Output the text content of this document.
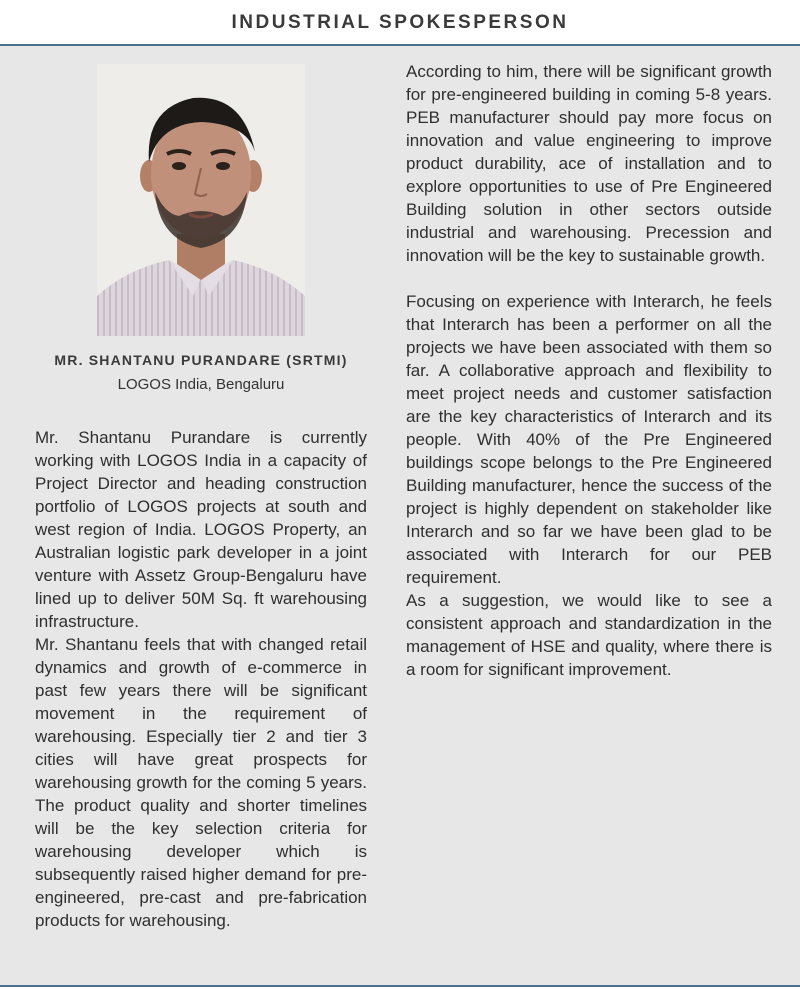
INDUSTRIAL SPOKESPERSON
MR. SHANTANU PURANDARE (SRTMI)
LOGOS India, Bengaluru

Mr. Shantanu Purandare is currently working with LOGOS India in a capacity of Project Director and heading construction portfolio of LOGOS projects at south and west region of India. LOGOS Property, an Australian logistic park developer in a joint venture with Assetz Group-Bengaluru have lined up to deliver 50M Sq. ft warehousing infrastructure.

Mr. Shantanu feels that with changed retail dynamics and growth of e-commerce in past few years there will be significant movement in the requirement of warehousing. Especially tier 2 and tier 3 cities will have great prospects for warehousing growth for the coming 5 years. The product quality and shorter timelines will be the key selection criteria for warehousing developer which is subsequently raised higher demand for pre-engineered, pre-cast and pre-fabrication products for warehousing.

According to him, there will be significant growth for pre-engineered building in coming 5-8 years. PEB manufacturer should pay more focus on innovation and value engineering to improve product durability, ace of installation and to explore opportunities to use of Pre Engineered Building solution in other sectors outside industrial and warehousing. Precession and innovation will be the key to sustainable growth.

Focusing on experience with Interarch, he feels that Interarch has been a performer on all the projects we have been associated with them so far. A collaborative approach and flexibility to meet project needs and customer satisfaction are the key characteristics of Interarch and its people. With 40% of the Pre Engineered buildings scope belongs to the Pre Engineered Building manufacturer, hence the success of the project is highly dependent on stakeholder like Interarch and so far we have been glad to be associated with Interarch for our PEB requirement.

As a suggestion, we would like to see a consistent approach and standardization in the management of HSE and quality, where there is a room for significant improvement.
